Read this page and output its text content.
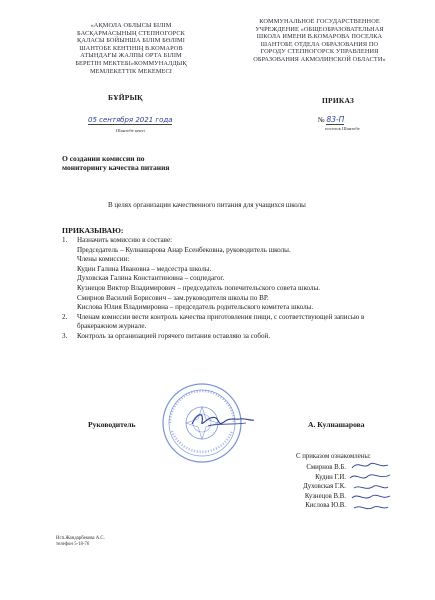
«АҚМОЛА ОБЛЫСЫ БІЛІМ
БАСҚАРМАСЫНЫҢ СТЕПНОГОРСК
ҚАЛАСЫ БОЙЫНША БІЛІМ БӨЛІМІ
ШАНТОБЕ КЕНТІНІҢ В.КОМАРОВ
АТЫНДАҒЫ ЖАЛПЫ ОРТА БІЛІМ
БЕРЕТІН МЕКТЕБІ»КОММУНАЛДЫҚ
МЕМЛЕКЕТТІК МЕКЕМЕСІ
КОММУНАЛЬНОЕ ГОСУДАРСТВЕННОЕ
УЧРЕЖДЕНИЕ «ОБЩЕОБРАЗОВАТЕЛЬНАЯ
ШКОЛА ИМЕНИ В.КОМАРОВА ПОСЕЛКА
ШАНТОБЕ ОТДЕЛА ОБРАЗОВАНИЯ ПО
ГОРОДУ СТЕПНОГОРСК УПРАВЛЕНИЯ
ОБРАЗОВАНИЯ АКМОЛИНСКОЙ ОБЛАСТИ»
БҰЙРЫҚ	ПРИКАЗ
05 сентября 2021 года
Шантобе кенті
№ 83-П
поселок Шантобе
О создании комиссии по
мониторингу качества питания
В целях организации качественного питания для учащихся школы
ПРИКАЗЫВАЮ:
1.	Назначить комиссию в составе:
Председатель – Кулнашарова Анар Есенбековна, руководитель школы.
Члены комиссии:
Кудин Галина Ивановна – медсестра школы.
Духовская Галина Константиновна – соцпедагог.
Кузнецов Виктор Владимирович – председатель попечительского совета школы.
Смирнов Василий Борисович – зам.руководителя школы по ВР.
Кислова Юлия Владимировна – председатель родительского комитета школы.
2.	Членам комиссии вести контроль качества приготовления пищи, с соответствующей записью в бракеражном журнале.
3.	Контроль за организацией горячего питания оставляю за собой.
Руководитель	А. Кулнашарова
С приказом ознакомлены:
Смирнов В.Б.
Кудин Г.И.
Духовская Г.К.
Кузнецов В.В.
Кислова Ю.В.
Исп.Жандарбекова А.С.
телефон 5-18-76
